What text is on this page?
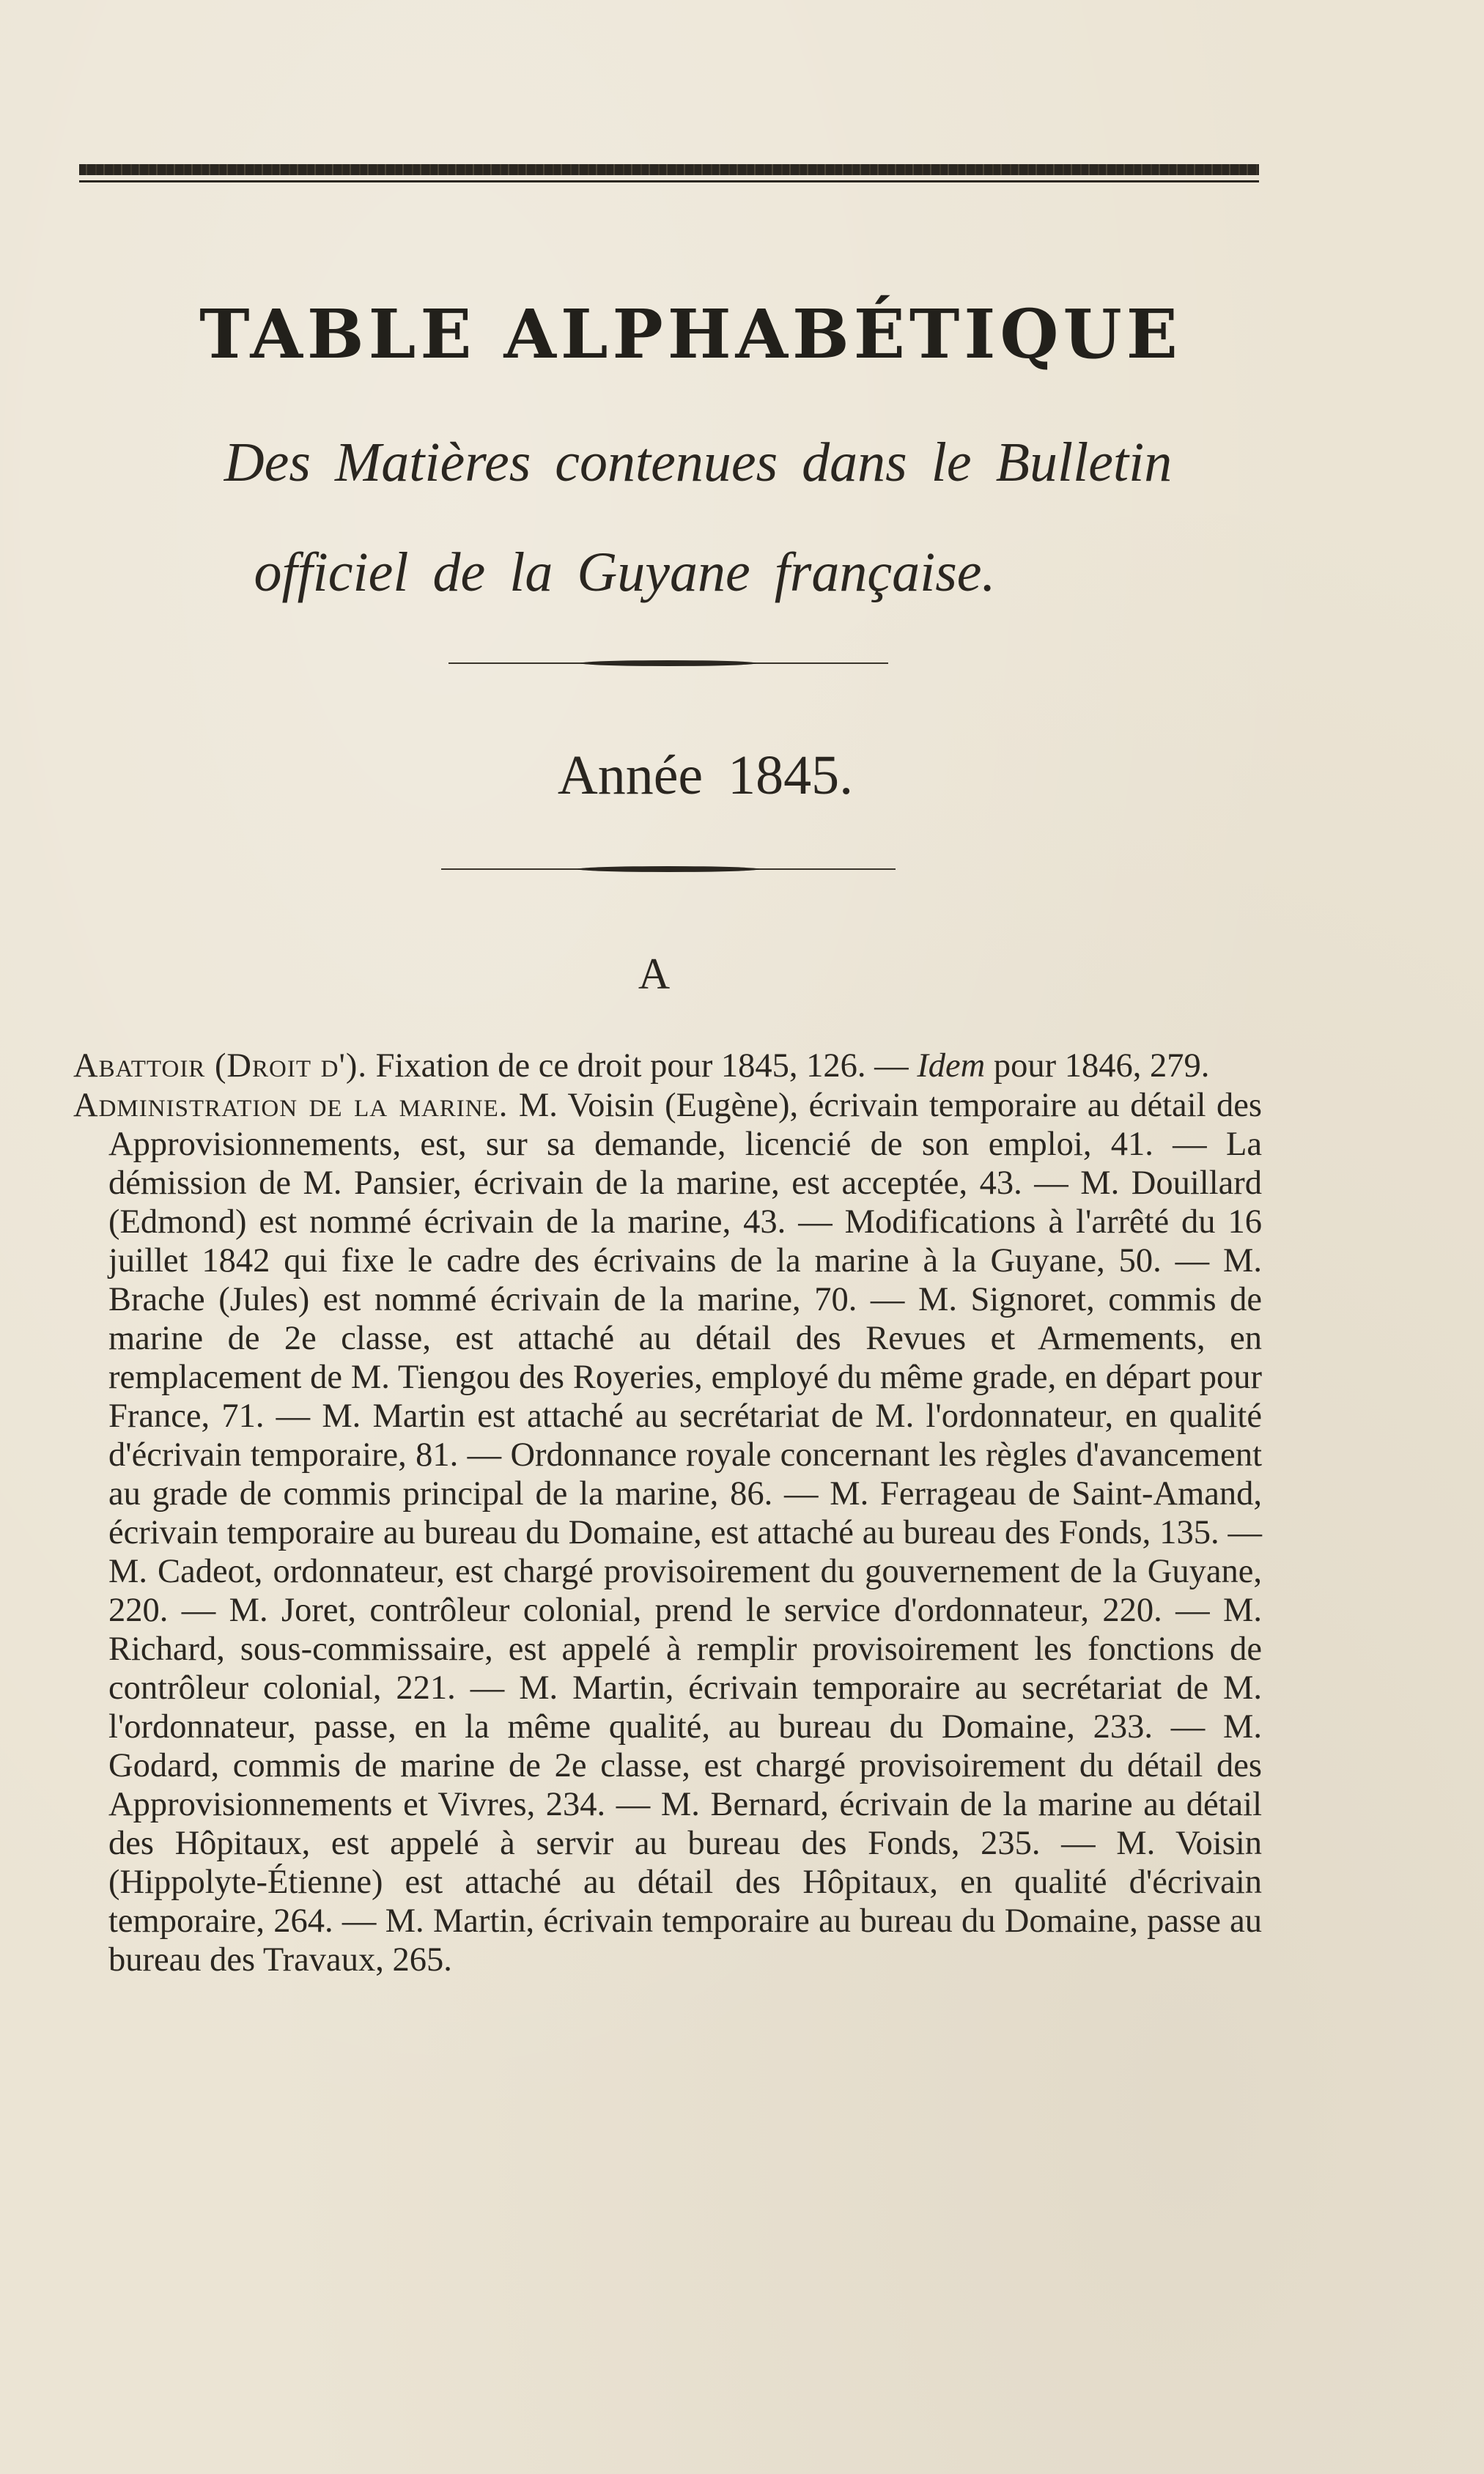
TABLE ALPHABÉTIQUE
Des Matières contenues dans le Bulletin
officiel de la Guyane française.
Année 1845.
A

Abattoir (Droit d'). Fixation de ce droit pour 1845, 126. — Idem pour 1846, 279.

Administration de la marine. M. Voisin (Eugène), écrivain temporaire au détail des Approvisionnements, est, sur sa demande, licencié de son emploi, 41. — La démission de M. Pansier, écrivain de la marine, est acceptée, 43. — M. Douillard (Edmond) est nommé écrivain de la marine, 43. — Modifications à l'arrêté du 16 juillet 1842 qui fixe le cadre des écrivains de la marine à la Guyane, 50. — M. Brache (Jules) est nommé écrivain de la marine, 70. — M. Signoret, commis de marine de 2e classe, est attaché au détail des Revues et Armements, en remplacement de M. Tiengou des Royeries, employé du même grade, en départ pour France, 71. — M. Martin est attaché au secrétariat de M. l'ordonnateur, en qualité d'écrivain temporaire, 81. — Ordonnance royale concernant les règles d'avancement au grade de commis principal de la marine, 86. — M. Ferrageau de Saint-Amand, écrivain temporaire au bureau du Domaine, est attaché au bureau des Fonds, 135. — M. Cadeot, ordonnateur, est chargé provisoirement du gouvernement de la Guyane, 220. — M. Joret, contrôleur colonial, prend le service d'ordonnateur, 220. — M. Richard, sous-commissaire, est appelé à remplir provisoirement les fonctions de contrôleur colonial, 221. — M. Martin, écrivain temporaire au secrétariat de M. l'ordonnateur, passe, en la même qualité, au bureau du Domaine, 233. — M. Godard, commis de marine de 2e classe, est chargé provisoirement du détail des Approvisionnements et Vivres, 234. — M. Bernard, écrivain de la marine au détail des Hôpitaux, est appelé à servir au bureau des Fonds, 235. — M. Voisin (Hippolyte-Étienne) est attaché au détail des Hôpitaux, en qualité d'écrivain temporaire, 264. — M. Martin, écrivain temporaire au bureau du Domaine, passe au bureau des Travaux, 265.
